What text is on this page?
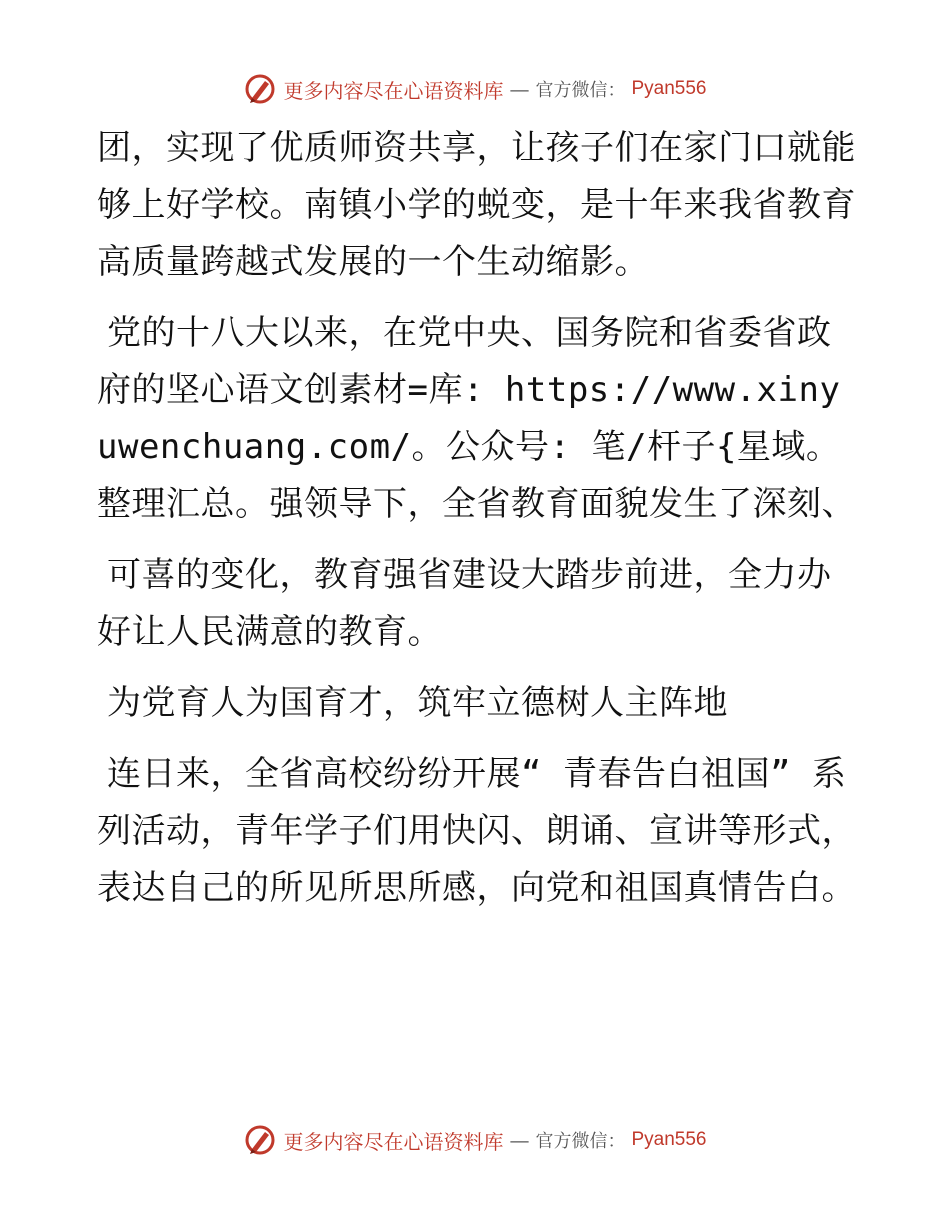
更多内容尽在心语资料库 — 官方微信： Pyan556

团，实现了优质师资共享，让孩子们在家门口就能够上好学校。南镇小学的蜕变，是十年来我省教育高质量跨越式发展的一个生动缩影。

党的十八大以来，在党中央、国务院和省委省政府的坚心语文创素材=库: https://www.xinyuwenchuang.com/。公众号: 笔/杆子{星域。整理汇总。强领导下，全省教育面貌发生了深刻、

可喜的变化，教育强省建设大踏步前进，全力办好让人民满意的教育。

为党育人为国育才，筑牢立德树人主阵地

连日来，全省高校纷纷开展“ 青春告白祖国” 系列活动，青年学子们用快闪、朗诵、宣讲等形式，表达自己的所见所思所感，向党和祖国真情告白。

更多内容尽在心语资料库 — 官方微信： Pyan556
